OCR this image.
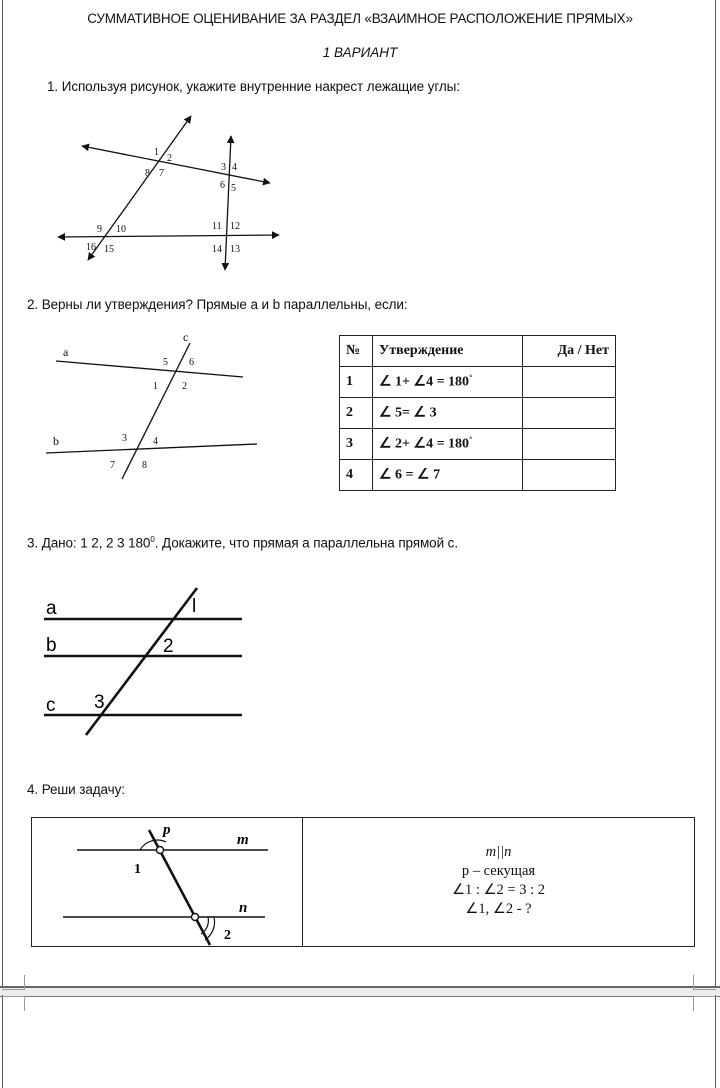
СУММАТИВНОЕ ОЦЕНИВАНИЕ ЗА РАЗДЕЛ «ВЗАИМНОЕ РАСПОЛОЖЕНИЕ ПРЯМЫХ»
1 ВАРИАНТ
1. Используя рисунок, укажите внутренние накрест лежащие углы:
1
2
3 4
5
6
7
8
9 10	11 12
13
14
15
16
2. Верны ли утверждения? Прямые a и b параллельны, если:
a
b
c
1 2
3	4
5 6
7	8
№	Утверждение	Да / Нет
1	∠ 1+ ∠4 = 180°	
2	∠ 5= ∠ 3	
3	∠ 2+ ∠4 = 180°	
4	∠ 6 = ∠ 7	
3. Дано: 1 2, 2 3 $180^0$. Докажите, что прямая а параллельна прямой с.
a
b
c
l
2
3
4. Реши задачу:
p
m
n
1
2
m||n
p – секущая
∠1 : ∠2 = 3 : 2
∠1, ∠2 - ?
